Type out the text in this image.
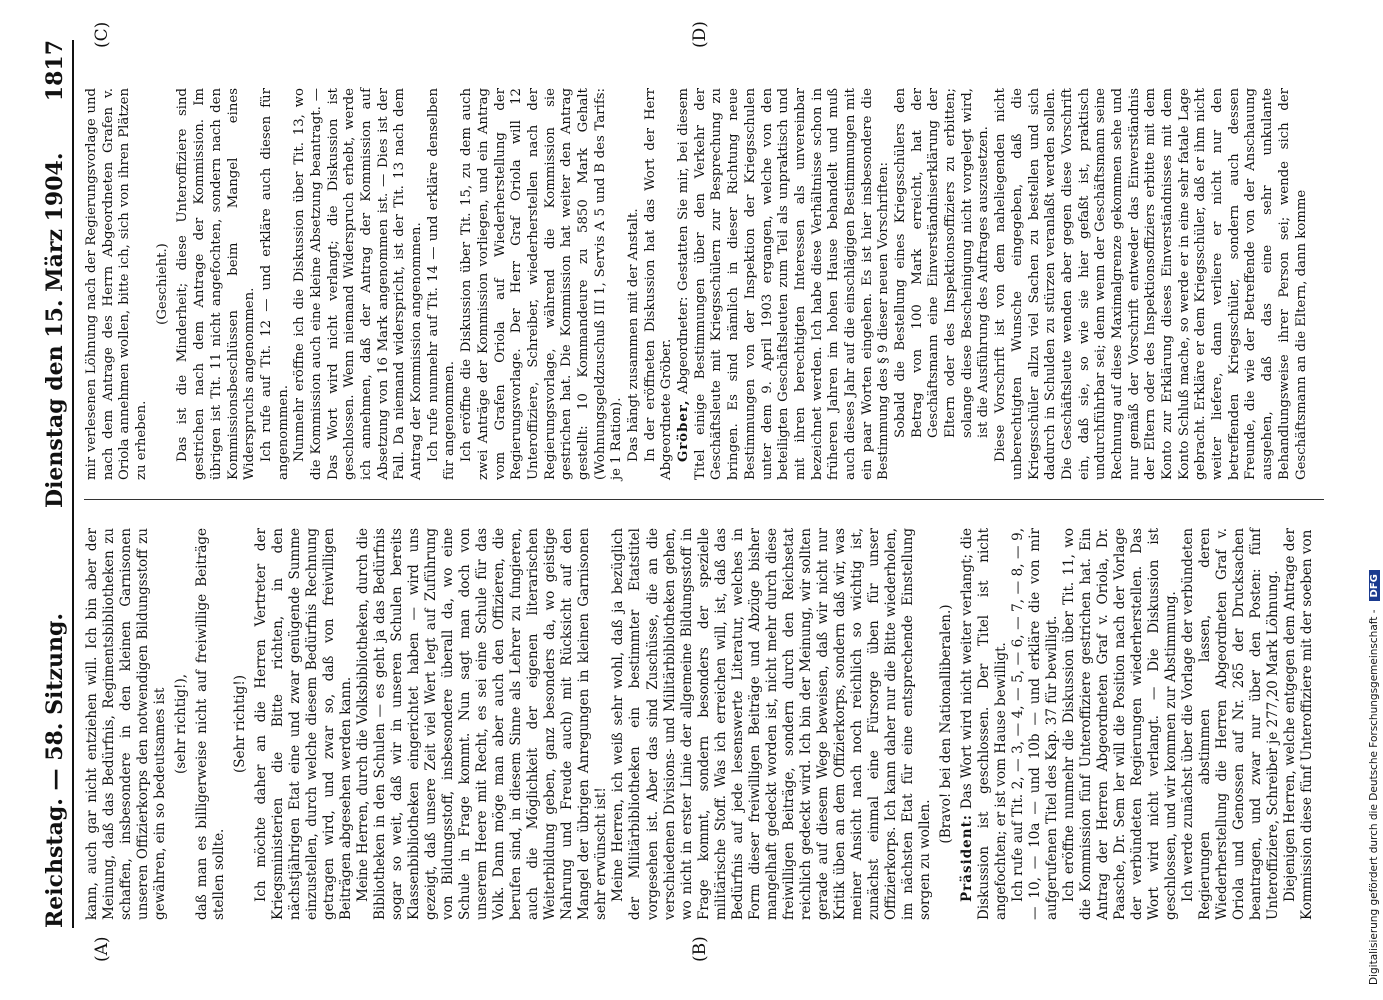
Reichstag. — 58. Sitzung.
Dienstag den 15. März 1904.
1817
(A)	(B)
(C)	(D)

kann, auch gar nicht entziehen will. Ich bin aber der Meinung, daß das Bedürfnis, Regimentsbibliotheken zu schaffen, insbesondere in den kleinen Garnisonen unseren Offizierkorps den notwendigen Bildungsstoff zu gewähren, ein so bedeutsames ist (sehr richtig!), daß man es billigerweise nicht auf freiwillige Beiträge stellen sollte.

(Sehr richtig!) Ich möchte daher an die Herren Vertreter der Kriegsministerien die Bitte richten, in den nächstjährigen Etat eine und zwar genügende Summe einzustellen, durch welche diesem Bedürfnis Rechnung getragen wird, und zwar so, daß von freiwilligen Beiträgen abgesehen werden kann. Meine Herren, durch die Volksbibliotheken, durch die Bibliotheken in den Schulen — es geht ja das Bedürfnis sogar so weit, daß wir in unseren Schulen bereits Klassenbibliotheken eingerichtet haben — wird uns gezeigt, daß unsere Zeit viel Wert legt auf Zuführung von Bildungsstoff, insbesondere überall da, wo eine Schule in Frage kommt. Nun sagt man doch von unserem Heere mit Recht, es sei eine Schule für das Volk. Dann möge man aber auch den Offizieren, die berufen sind, in diesem Sinne als Lehrer zu fungieren, auch die Möglichkeit der eigenen literarischen Weiterbildung geben, ganz besonders da, wo geistige Nahrung und Freude auch) mit Rücksicht auf den Mangel der übrigen Anregungen in kleinen Garnisonen sehr erwünscht ist! Meine Herren, ich weiß sehr wohl, daß ja bezüglich der Militärbibliotheken ein bestimmter Etatstitel vorgesehen ist. Aber das sind Zuschüsse, die an die verschiedenen Divisions- und Militärbibliotheken gehen, wo nicht in erster Linie der allgemeine Bildungsstoff in Frage kommt, sondern besonders der spezielle militärische Stoff. Was ich erreichen will, ist, daß das Bedürfnis auf jede lesenswerte Literatur, welches in Form dieser freiwilligen Beiträge und Abzüge bisher mangelhaft gedeckt worden ist, nicht mehr durch diese freiwilligen Beiträge, sondern durch den Reichsetat reichlich gedeckt wird. Ich bin der Meinung, wir sollten gerade auf diesem Wege beweisen, daß wir nicht nur Kritik üben an dem Offizierkorps, sondern daß wir, was meiner Ansicht nach noch reichlich so wichtig ist, zunächst einmal eine Fürsorge üben für unser Offizierkorps. Ich kann daher nur die Bitte wiederholen, im nächsten Etat für eine entsprechende Einstellung sorgen zu wollen.

(Bravo! bei den Nationalliberalen.)

Präsident: Das Wort wird nicht weiter verlangt; die Diskussion ist geschlossen. Der Titel ist nicht angefochten; er ist vom Hause bewilligt. Ich rufe auf Tit. 2, — 3, — 4, — 5, — 6, — 7, — 8, — 9, — 10, — 10a — und 10b — und erkläre die von mir aufgerufenen Titel des Kap. 37 für bewilligt. Ich eröffne nunmehr die Diskussion über Tit. 11, wo die Kommission fünf Unteroffiziere gestrichen hat. Ein Antrag der Herren Abgeordneten Graf v. Oriola, Dr. Paasche, Dr. Sem ler will die Position nach der Vorlage der verbündeten Regierungen wiederherstellen. Das Wort wird nicht verlangt. — Die Diskussion ist geschlossen, und wir kommen zur Abstimmung. Ich werde zunächst über die Vorlage der verbündeten Regierungen abstimmen lassen, deren Wiederherstellung die Herren Abgeordneten Graf v. Oriola und Genossen auf Nr. 265 der Drucksachen beantragen, und zwar nur über den Posten: fünf Unteroffiziere, Schreiber je 277,20 Mark Löhnung. Diejenigen Herren, welche entgegen dem Antrage der Kommission diese fünf Unteroffiziere mit der soeben von

mir verlesenen Löhnung nach der Regierungsvorlage und nach dem Antrage des Herrn Abgeordneten Grafen v. Oriola annehmen wollen, bitte ich, sich von ihren Plätzen zu erheben.

(Geschieht.) Das ist die Minderheit; diese Unteroffiziere sind gestrichen nach dem Antrage der Kommission. Im übrigen ist Tit. 11 nicht angefochten, sondern nach den Kommissionsbeschlüssen beim Mangel eines Widerspruchs angenommen. Ich rufe auf Tit. 12 — und erkläre auch diesen für angenommen. Nunmehr eröffne ich die Diskussion über Tit. 13, wo die Kommission auch eine kleine Absetzung beantragt. — Das Wort wird nicht verlangt; die Diskussion ist geschlossen. Wenn niemand Widerspruch erhebt, werde ich annehmen, daß der Antrag der Kommission auf Absetzung von 16 Mark angenommen ist. — Dies ist der Fall. Da niemand widerspricht, ist der Tit. 13 nach dem Antrag der Kommission angenommen. Ich rufe nunmehr auf Tit. 14 — und erkläre denselben für angenommen. Ich eröffne die Diskussion über Tit. 15, zu dem auch zwei Anträge der Kommission vorliegen, und ein Antrag vom Grafen Oriola auf Wiederherstellung der Regierungsvorlage. Der Herr Graf Oriola will 12 Unteroffiziere, Schreiber, wiederherstellen nach der Regierungsvorlage, während die Kommission sie gestrichen hat. Die Kommission hat weiter den Antrag gestellt: 10 Kommandeure zu 5850 Mark Gehalt (Wohnungsgeldzuschuß III 1, Servis A 5 und B des Tarifs: je 1 Ration). Das hängt zusammen mit der Anstalt. In der eröffneten Diskussion hat das Wort der Herr Abgeordnete Gröber. Gröber, Abgeordneter: Gestatten Sie mir, bei diesem Titel einige Bestimmungen über den Verkehr der Geschäftsleute mit Kriegsschülern zur Besprechung zu bringen. Es sind nämlich in dieser Richtung neue Bestimmungen von der Inspektion der Kriegsschulen unter dem 9. April 1903 ergangen, welche von den beteiligten Geschäftsleuten zum Teil als unpraktisch und mit ihren berechtigten Interessen als unvereinbar bezeichnet werden. Ich habe diese Verhältnisse schon in früheren Jahren im hohen Hause behandelt und muß auch dieses Jahr auf die einschlägigen Bestimmungen mit ein paar Worten eingehen. Es ist hier insbesondere die Bestimmung des § 9 dieser neuen Vorschriften: Sobald die Bestellung eines Kriegsschülers den Betrag von 100 Mark erreicht, hat der Geschäftsmann eine Einverständniserklärung der Eltern oder des Inspektionsoffiziers zu erbitten; solange diese Bescheinigung nicht vorgelegt wird, ist die Ausführung des Auftrages auszusetzen. Diese Vorschrift ist von dem naheliegenden nicht unberechtigten Wunsche eingegeben, daß die Kriegsschüler allzu viel Sachen zu bestellen und sich dadurch in Schulden zu stürzen veranlaßt werden sollen. Die Geschäftsleute wenden aber gegen diese Vorschrift ein, daß sie, so wie sie hier gefaßt ist, praktisch undurchführbar sei; denn wenn der Geschäftsmann seine Rechnung auf diese Maximalgrenze gekommen sehe und nur gemäß der Vorschrift entweder das Einverständnis der Eltern oder des Inspektionsoffiziers erbitte mit dem Konto zur Erklärung dieses Einverständnisses mit dem Konto Schluß mache, so werde er in eine sehr fatale Lage gebracht. Erkläre er dem Kriegsschüler, daß er ihm nicht weiter liefere, dann verliere er nicht nur den betreffenden Kriegsschüler, sondern auch dessen Freunde, die wie der Betreffende von der Anschauung ausgehen, daß das eine sehr unkulante Behandlungsweise ihrer Person sei; wende sich der Geschäftsmann an die Eltern, dann komme

Digitalisierung gefördert durch die Deutsche Forschungsgemeinschaft -DFG
